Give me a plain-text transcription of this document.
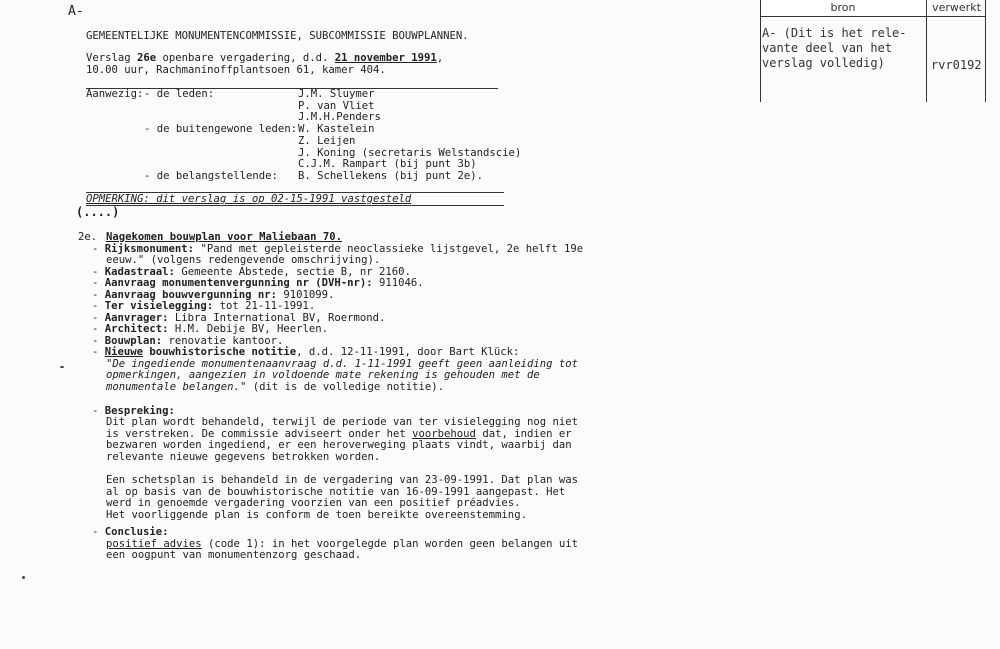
A-
GEMEENTELIJKE MONUMENTENCOMMISSIE, SUBCOMMISSIE BOUWPLANNEN.
Verslag 26e openbare vergadering, d.d. 21 november 1991,
10.00 uur, Rachmaninoffplantsoen 61, kamer 404.
Aanwezig: - de leden:
- de buitengewone leden:
- de belangstellende:
J.M. Sluymer
P. van Vliet
J.M.H.Penders
W. Kastelein
Z. Leijen
J. Koning (secretaris Welstandscie)
C.J.M. Rampart (bij punt 3b)
B. Schellekens (bij punt 2e).
OPMERKING: dit verslag is op 02-15-1991 vastgesteld
(....)
2e. Nagekomen bouwplan voor Maliebaan 70.
- Rijksmonument: "Pand met gepleisterde neoclassieke lijstgevel, 2e helft 19e
eeuw." (volgens redengevende omschrijving).
- Kadastraal: Gemeente Abstede, sectie B, nr 2160.
- Aanvraag monumentenvergunning nr (DVH-nr): 911046.
- Aanvraag bouwvergunning nr: 9101099.
- Ter visielegging: tot 21-11-1991.
- Aanvrager: Libra International BV, Roermond.
- Architect: H.M. Debije BV, Heerlen.
- Bouwplan: renovatie kantoor.
- Nieuwe bouwhistorische notitie, d.d. 12-11-1991, door Bart Klück:
"De ingediende monumentenaanvraag d.d. 1-11-1991 geeft geen aanleiding tot
opmerkingen, aangezien in voldoende mate rekening is gehouden met de
monumentale belangen." (dit is de volledige notitie).
- Bespreking:
Dit plan wordt behandeld, terwijl de periode van ter visielegging nog niet
is verstreken. De commissie adviseert onder het voorbehoud dat, indien er
bezwaren worden ingediend, er een heroverweging plaats vindt, waarbij dan
relevante nieuwe gegevens betrokken worden.
Een schetsplan is behandeld in de vergadering van 23-09-1991. Dat plan was
al op basis van de bouwhistorische notitie van 16-09-1991 aangepast. Het
werd in genoemde vergadering voorzien van een positief préadvies.
Het voorliggende plan is conform de toen bereikte overeenstemming.
- Conclusie:
positief advies (code 1): in het voorgelegde plan worden geen belangen uit
een oogpunt van monumentenzorg geschaad.
bron	verwerkt
A- (Dit is het rele-
vante deel van het
verslag volledig)	rvr0192
